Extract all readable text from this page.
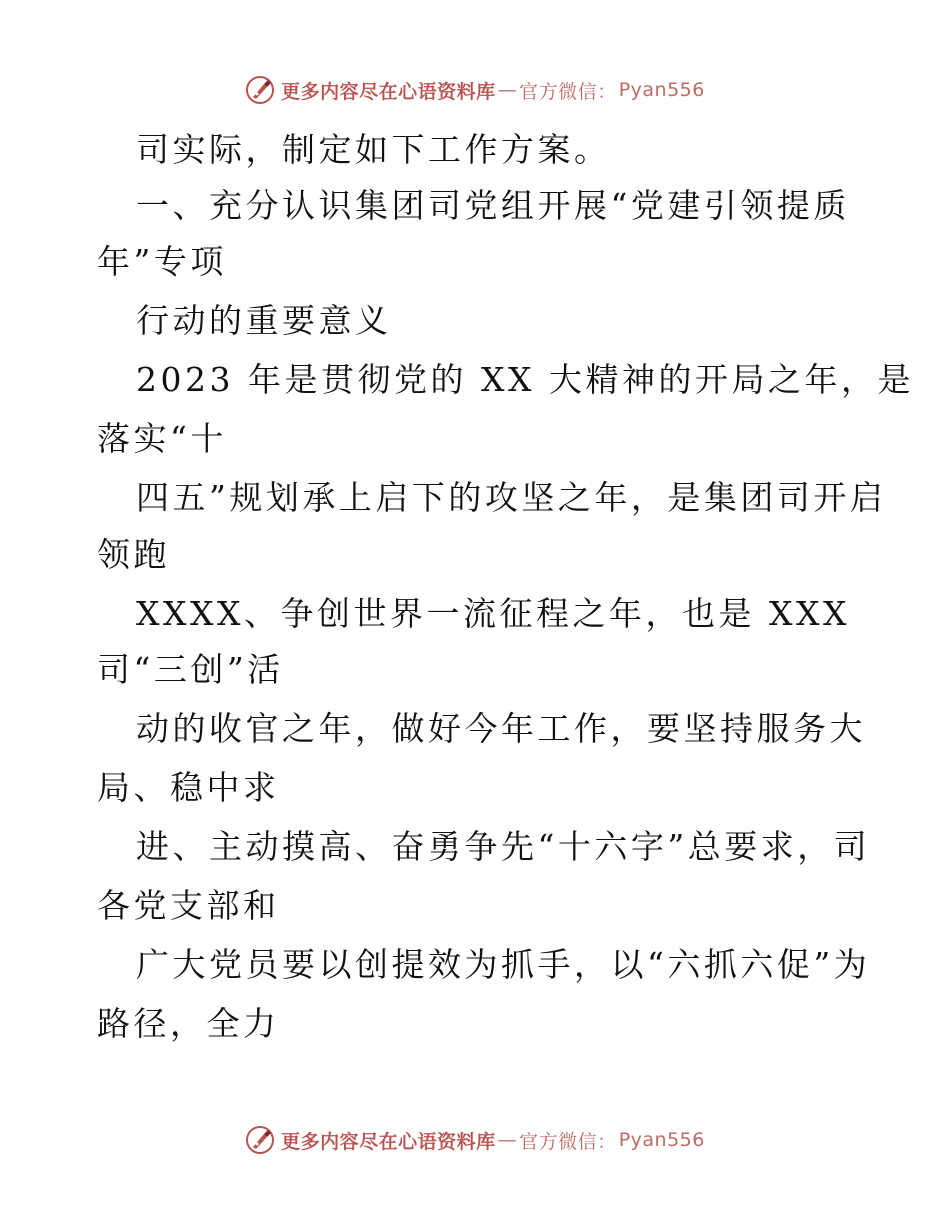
更多内容尽在心语资料库 — 官方微信： Pyan556
司实际，制定如下工作方案。
一、充分认识集团司党组开展“党建引领提质
年”专项
行动的重要意义
2023 年是贯彻党的 XX 大精神的开局之年，是
落实“十
四五”规划承上启下的攻坚之年，是集团司开启
领跑
XXXX、争创世界一流征程之年，也是 XXX
司“三创”活
动的收官之年，做好今年工作，要坚持服务大
局、稳中求
进、主动摸高、奋勇争先“十六字”总要求，司
各党支部和
广大党员要以创提效为抓手，以“六抓六促”为
路径，全力
更多内容尽在心语资料库 — 官方微信： Pyan556
